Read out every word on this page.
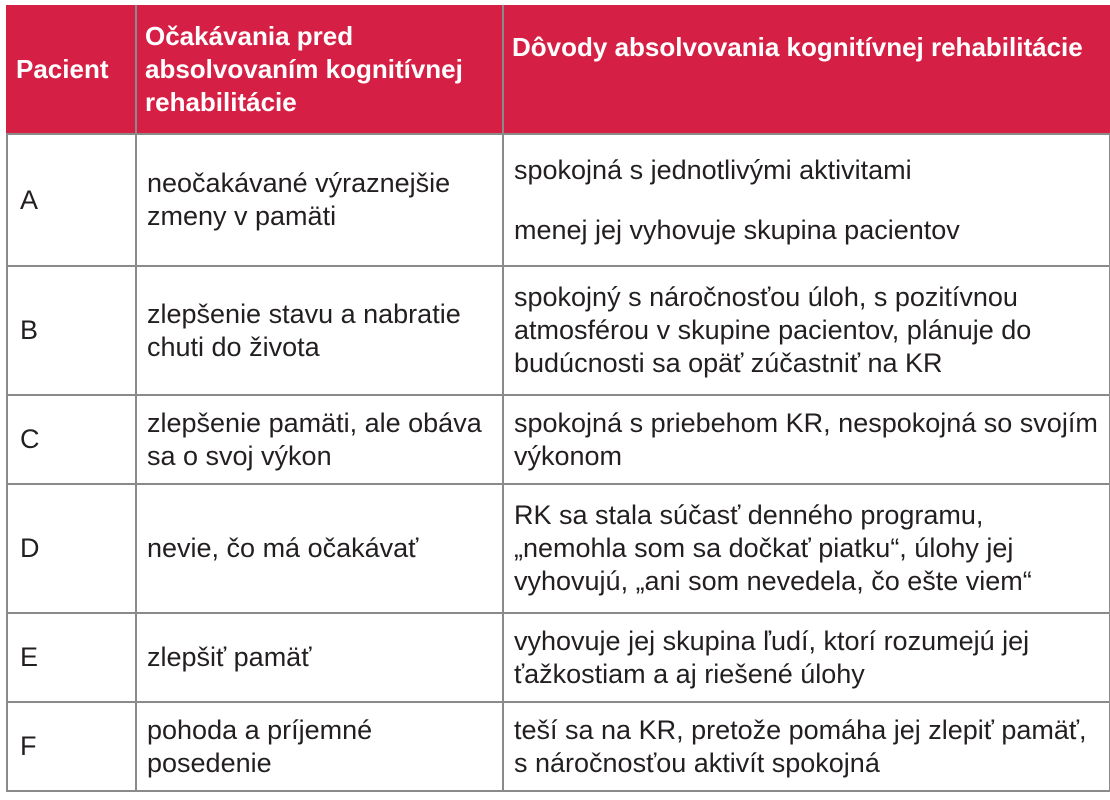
Pacient	Očakávania pred absolvovaním kognitívnej rehabilitácie	Dôvody absolvovania kognitívnej rehabilitácie
A	neočakávané výraznejšie zmeny v pamäti	spokojná s jednotlivými aktivitami
menej jej vyhovuje skupina pacientov

B	zlepšenie stavu a nabratie chuti do života	spokojný s náročnosťou úloh, s pozitívnou atmosférou v skupine pacientov, plánuje do budúcnosti sa opäť zúčastniť na KR
C	zlepšenie pamäti, ale obáva sa o svoj výkon	spokojná s priebehom KR, nespokojná so svojím výkonom
D	nevie, čo má očakávať	RK sa stala súčasť denného programu, „nemohla som sa dočkať piatku“, úlohy jej vyhovujú, „ani som nevedela, čo ešte viem“
E	zlepšiť pamäť	vyhovuje jej skupina ľudí, ktorí rozumejú jej ťažkostiam a aj riešené úlohy
F	pohoda a príjemné posedenie	teší sa na KR, pretože pomáha jej zlepiť pamäť, s náročnosťou aktivít spokojná
